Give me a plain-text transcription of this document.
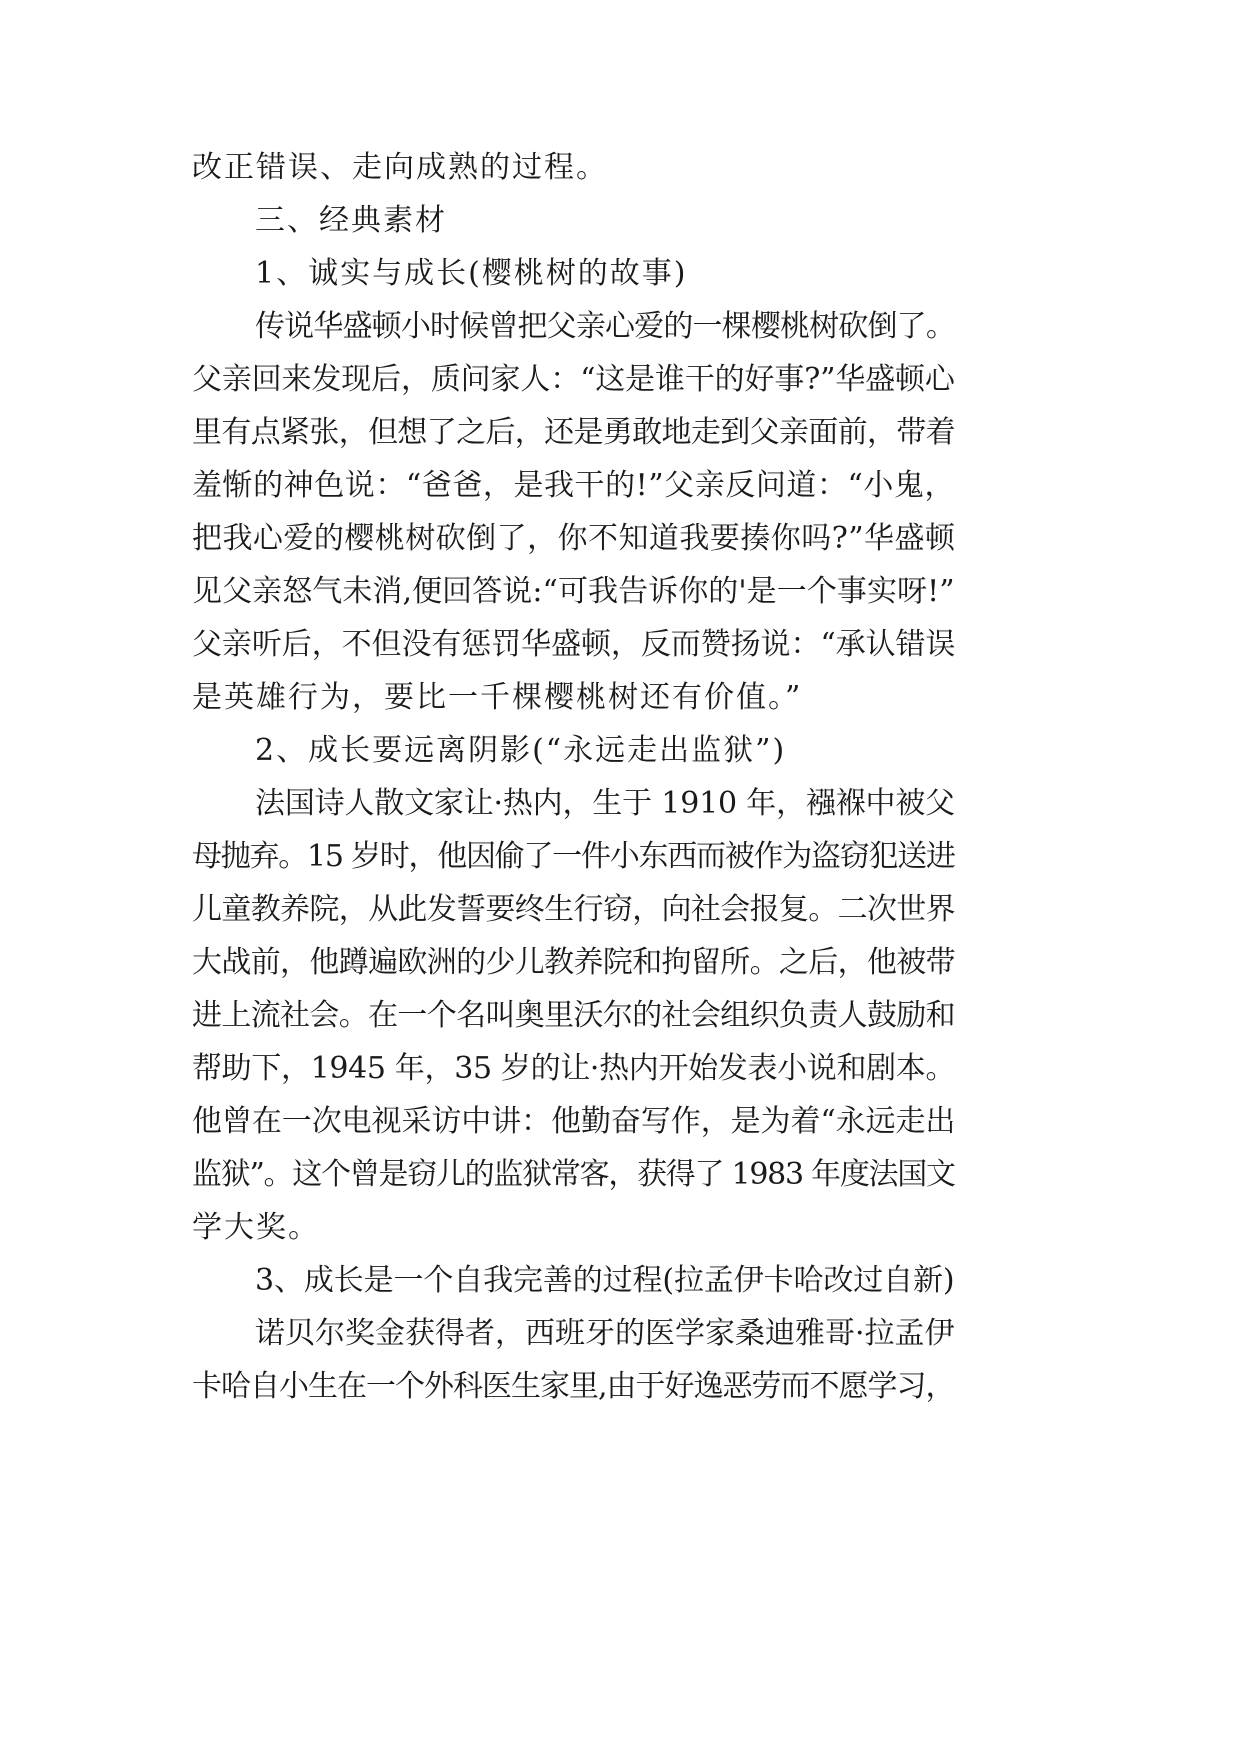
改正错误、走向成熟的过程。
三、经典素材
1、诚实与成长(樱桃树的故事)
传说华盛顿小时候曾把父亲心爱的一棵樱桃树砍倒了。
父亲回来发现后，质问家人：“这是谁干的好事?”华盛顿心
里有点紧张，但想了之后，还是勇敢地走到父亲面前，带着
羞惭的神色说：“爸爸，是我干的!”父亲反问道：“小鬼，
把我心爱的樱桃树砍倒了，你不知道我要揍你吗?”华盛顿
见父亲怒气未消,便回答说:“可我告诉你的'是一个事实呀!”
父亲听后，不但没有惩罚华盛顿，反而赞扬说：“承认错误
是英雄行为，要比一千棵樱桃树还有价值。”
2、成长要远离阴影(“永远走出监狱”)
法国诗人散文家让·热内，生于 1910 年，襁褓中被父
母抛弃。15 岁时，他因偷了一件小东西而被作为盗窃犯送进
儿童教养院，从此发誓要终生行窃，向社会报复。二次世界
大战前，他蹲遍欧洲的少儿教养院和拘留所。之后，他被带
进上流社会。在一个名叫奥里沃尔的社会组织负责人鼓励和
帮助下，1945 年，35 岁的让·热内开始发表小说和剧本。
他曾在一次电视采访中讲：他勤奋写作，是为着“永远走出
监狱”。这个曾是窃儿的监狱常客，获得了 1983 年度法国文
学大奖。
3、成长是一个自我完善的过程(拉孟伊卡哈改过自新)
诺贝尔奖金获得者，西班牙的医学家桑迪雅哥·拉孟伊
卡哈自小生在一个外科医生家里,由于好逸恶劳而不愿学习，
